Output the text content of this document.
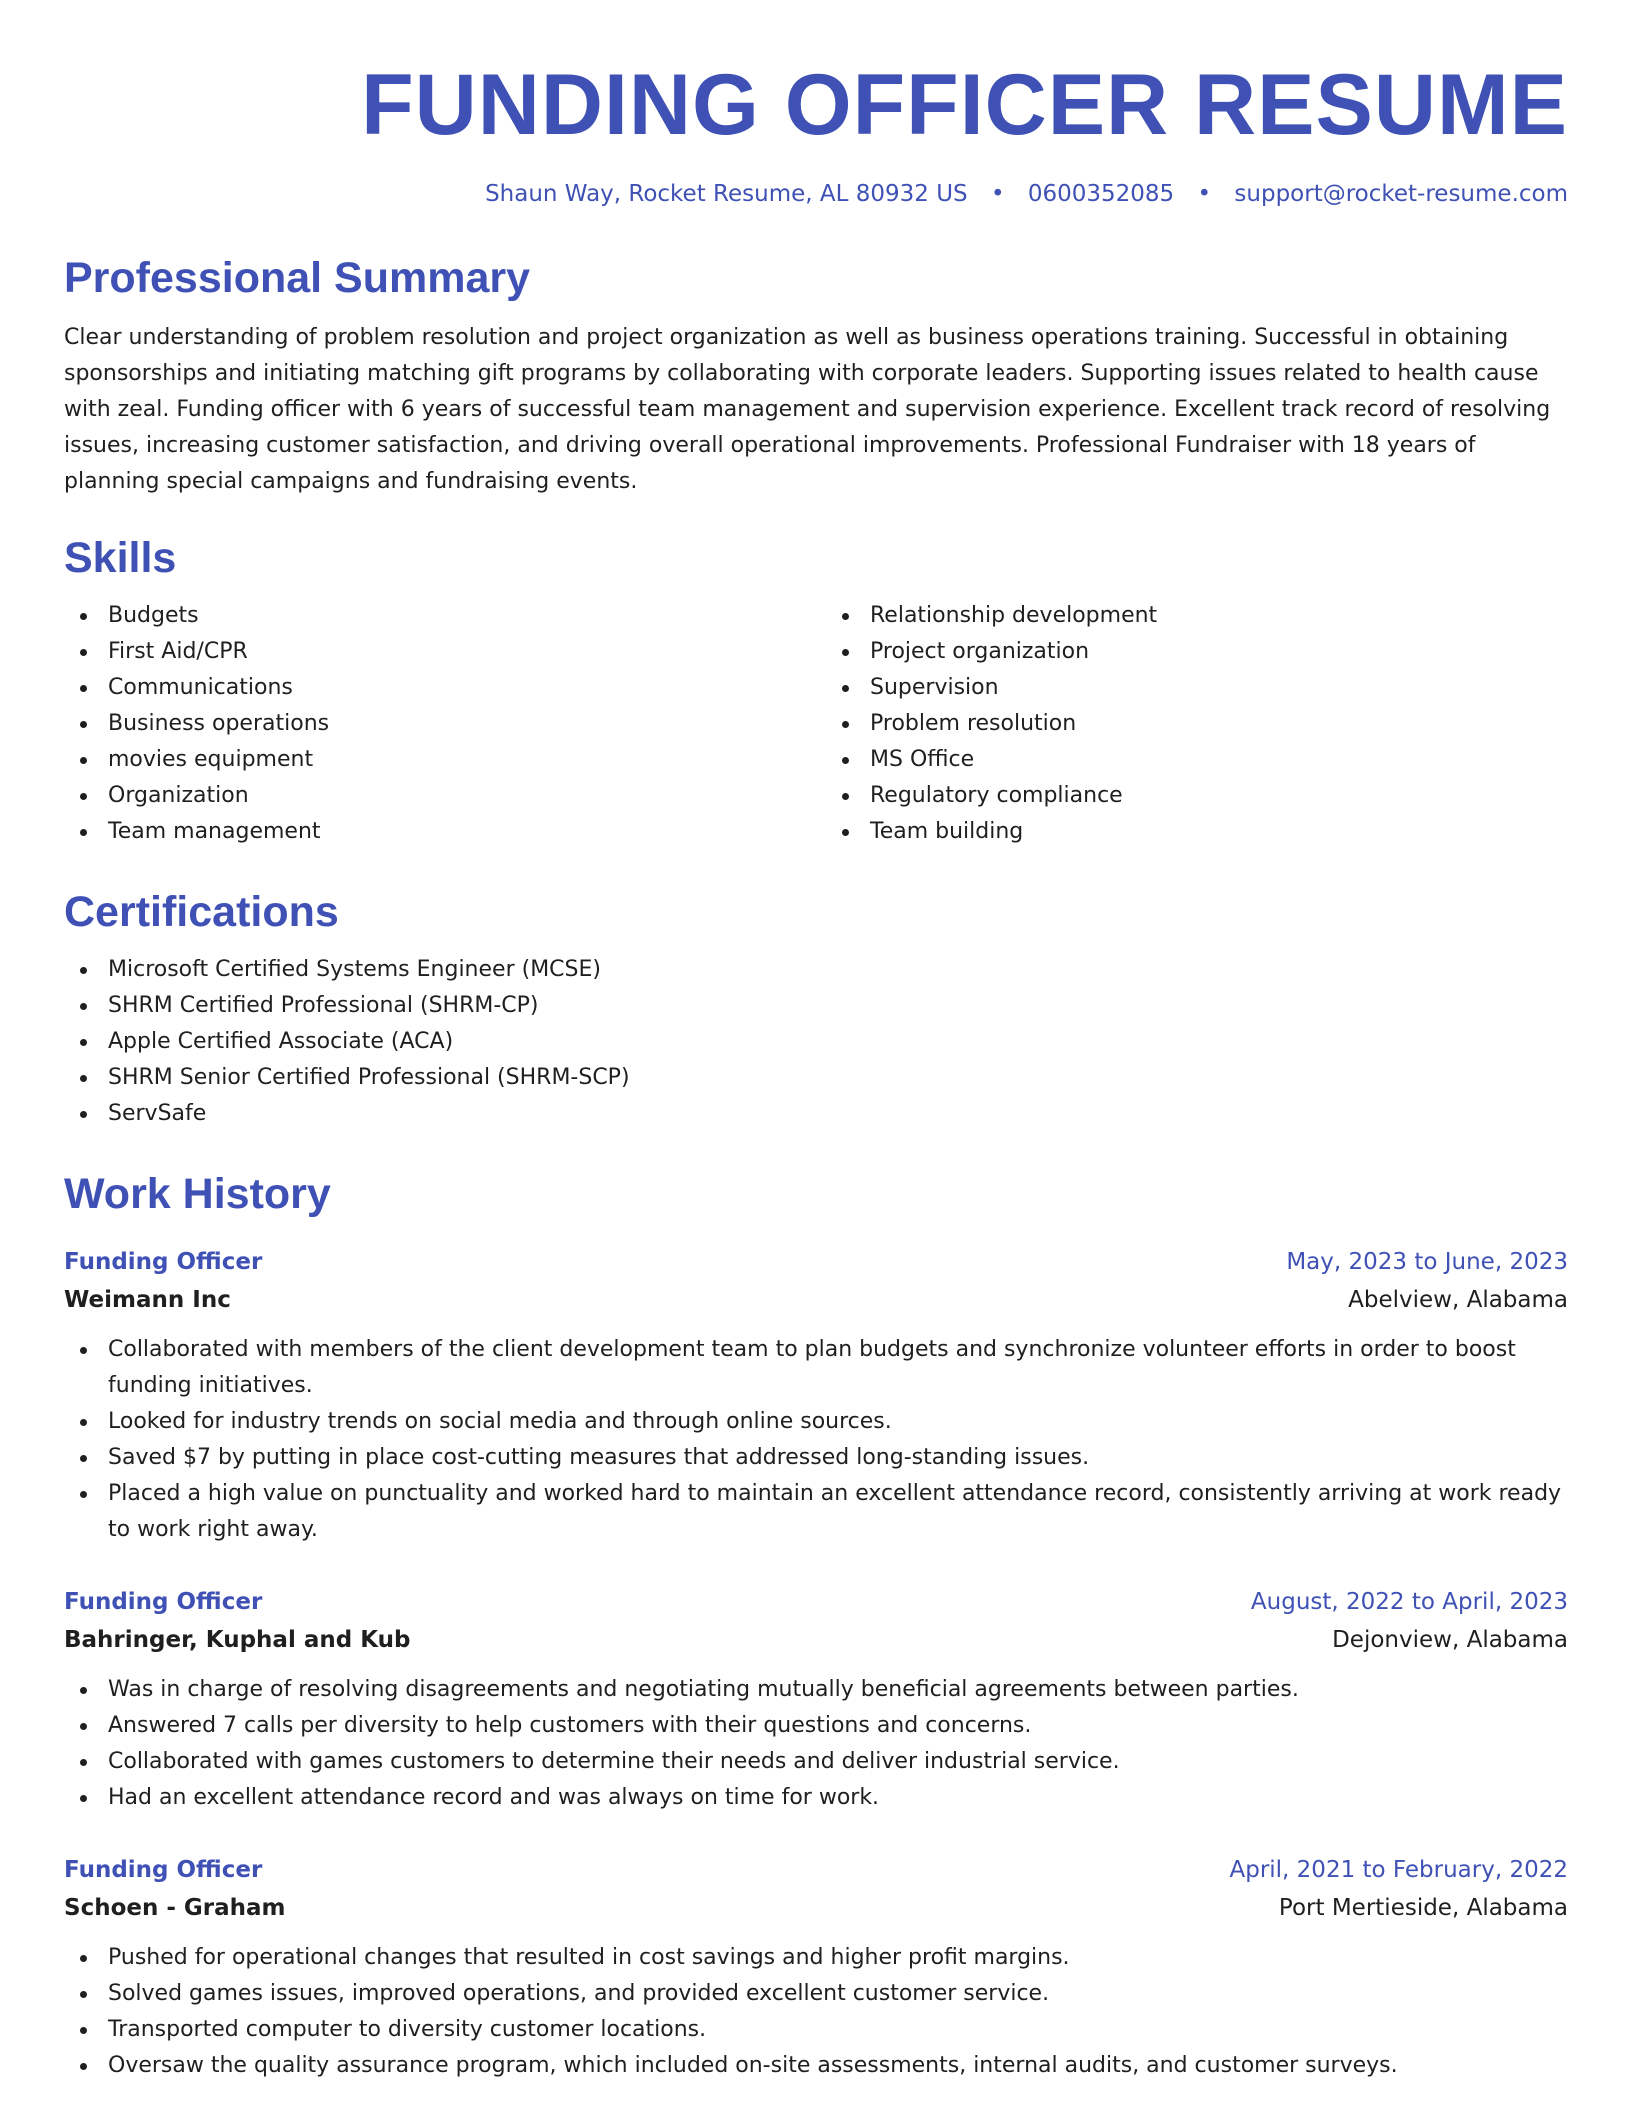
FUNDING OFFICER RESUME
Shaun Way, Rocket Resume, AL 80932 US • 0600352085 • support@rocket-resume.com
Professional Summary

Clear understanding of problem resolution and project organization as well as business operations training. Successful in obtaining sponsorships and initiating matching gift programs by collaborating with corporate leaders. Supporting issues related to health cause with zeal. Funding officer with 6 years of successful team management and supervision experience. Excellent track record of resolving issues, increasing customer satisfaction, and driving overall operational improvements. Professional Fundraiser with 18 years of planning special campaigns and fundraising events.

Skills
Budgets
First Aid/CPR
Communications
Business operations
movies equipment
Organization
Team management
Relationship development
Project organization
Supervision
Problem resolution
MS Office
Regulatory compliance
Team building
Certifications
Microsoft Certified Systems Engineer (MCSE)
SHRM Certified Professional (SHRM-CP)
Apple Certified Associate (ACA)
SHRM Senior Certified Professional (SHRM-SCP)
ServSafe
Work History
Funding Officer	May, 2023 to June, 2023
Weimann Inc	Abelview, Alabama
Collaborated with members of the client development team to plan budgets and synchronize volunteer efforts in order to boost funding initiatives.
Looked for industry trends on social media and through online sources.
Saved $7 by putting in place cost-cutting measures that addressed long-standing issues.
Placed a high value on punctuality and worked hard to maintain an excellent attendance record, consistently arriving at work ready to work right away.
Funding Officer	August, 2022 to April, 2023
Bahringer, Kuphal and Kub	Dejonview, Alabama
Was in charge of resolving disagreements and negotiating mutually beneficial agreements between parties.
Answered 7 calls per diversity to help customers with their questions and concerns.
Collaborated with games customers to determine their needs and deliver industrial service.
Had an excellent attendance record and was always on time for work.
Funding Officer	April, 2021 to February, 2022
Schoen - Graham	Port Mertieside, Alabama
Pushed for operational changes that resulted in cost savings and higher profit margins.
Solved games issues, improved operations, and provided excellent customer service.
Transported computer to diversity customer locations.
Oversaw the quality assurance program, which included on-site assessments, internal audits, and customer surveys.
